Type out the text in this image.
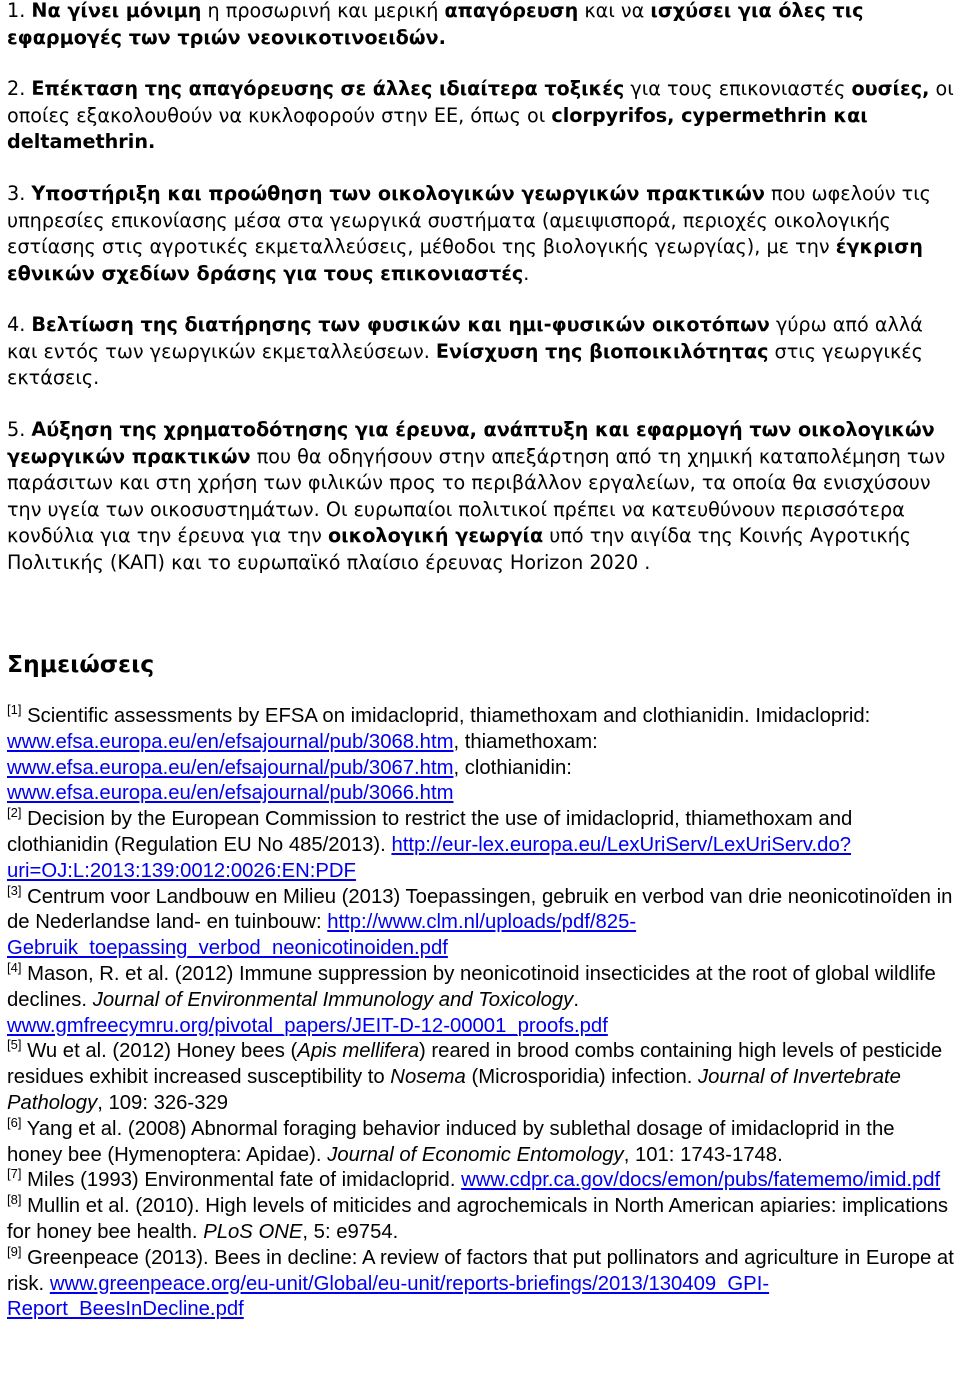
1. Να γίνει μόνιμη η προσωρινή και μερική απαγόρευση και να ισχύσει για όλες τις εφαρμογές των τριών νεονικοτινοειδών.

2. Επέκταση της απαγόρευσης σε άλλες ιδιαίτερα τοξικές για τους επικονιαστές ουσίες, οι οποίες εξακολουθούν να κυκλοφορούν στην ΕΕ, όπως οι clorpyrifos, cypermethrin και deltamethrin.

3. Υποστήριξη και προώθηση των οικολογικών γεωργικών πρακτικών που ωφελούν τις υπηρεσίες επικονίασης μέσα στα γεωργικά συστήματα (αμειψισπορά, περιοχές οικολογικής εστίασης στις αγροτικές εκμεταλλεύσεις, μέθοδοι της βιολογικής γεωργίας), με την έγκριση εθνικών σχεδίων δράσης για τους επικονιαστές.

4. Βελτίωση της διατήρησης των φυσικών και ημι-φυσικών οικοτόπων γύρω από αλλά και εντός των γεωργικών εκμεταλλεύσεων. Ενίσχυση της βιοποικιλότητας στις γεωργικές εκτάσεις.

5. Αύξηση της χρηματοδότησης για έρευνα, ανάπτυξη και εφαρμογή των οικολογικών γεωργικών πρακτικών που θα οδηγήσουν στην απεξάρτηση από τη χημική καταπολέμηση των παράσιτων και στη χρήση των φιλικών προς το περιβάλλον εργαλείων, τα οποία θα ενισχύσουν την υγεία των οικοσυστημάτων. Οι ευρωπαίοι πολιτικοί πρέπει να κατευθύνουν περισσότερα κονδύλια για την έρευνα για την οικολογική γεωργία υπό την αιγίδα της Κοινής Αγροτικής Πολιτικής (ΚΑΠ) και το ευρωπαϊκό πλαίσιο έρευνας Horizon 2020 .

Σημειώσεις

[1] Scientific assessments by EFSA on imidacloprid, thiamethoxam and clothianidin. Imidacloprid: www.efsa.europa.eu/en/efsajournal/pub/3068.htm, thiamethoxam: www.efsa.europa.eu/en/efsajournal/pub/3067.htm, clothianidin: www.efsa.europa.eu/en/efsajournal/pub/3066.htm

[2] Decision by the European Commission to restrict the use of imidacloprid, thiamethoxam and clothianidin (Regulation EU No 485/2013). http://eur-lex.europa.eu/LexUriServ/LexUriServ.do?uri=OJ:L:2013:139:0012:0026:EN:PDF

[3] Centrum voor Landbouw en Milieu (2013) Toepassingen, gebruik en verbod van drie neonicotinoïden in de Nederlandse land- en tuinbouw: http://www.clm.nl/uploads/pdf/825-Gebruik_toepassing_verbod_neonicotinoiden.pdf

[4] Mason, R. et al. (2012) Immune suppression by neonicotinoid insecticides at the root of global wildlife declines. Journal of Environmental Immunology and Toxicology. www.gmfreecymru.org/pivotal_papers/JEIT-D-12-00001_proofs.pdf

[5] Wu et al. (2012) Honey bees (Apis mellifera) reared in brood combs containing high levels of pesticide residues exhibit increased susceptibility to Nosema (Microsporidia) infection. Journal of Invertebrate Pathology, 109: 326-329

[6] Yang et al. (2008) Abnormal foraging behavior induced by sublethal dosage of imidacloprid in the honey bee (Hymenoptera: Apidae). Journal of Economic Entomology, 101: 1743-1748.

[7] Miles (1993) Environmental fate of imidacloprid. www.cdpr.ca.gov/docs/emon/pubs/fatememo/imid.pdf

[8] Mullin et al. (2010). High levels of miticides and agrochemicals in North American apiaries: implications for honey bee health. PLoS ONE, 5: e9754.

[9] Greenpeace (2013). Bees in decline: A review of factors that put pollinators and agriculture in Europe at risk. www.greenpeace.org/eu-unit/Global/eu-unit/reports-briefings/2013/130409_GPI-Report_BeesInDecline.pdf
